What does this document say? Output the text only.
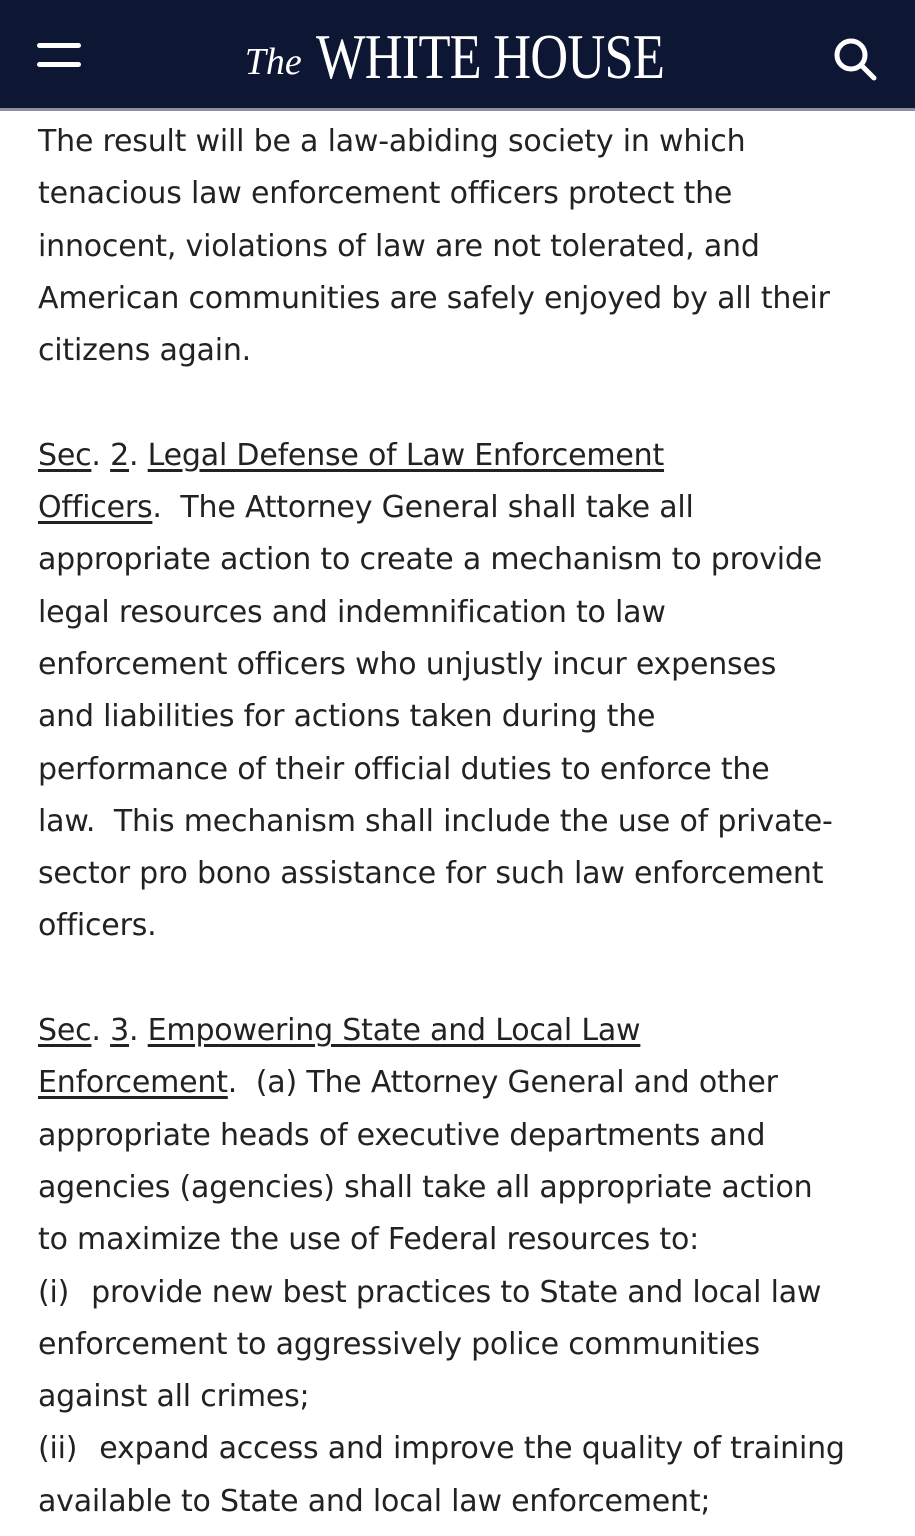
The WHITE HOUSE
The result will be a law-abiding society in which
tenacious law enforcement officers protect the
innocent, violations of law are not tolerated, and
American communities are safely enjoyed by all their
citizens again.
Sec. 2. Legal Defense of Law Enforcement
Officers.  The Attorney General shall take all
appropriate action to create a mechanism to provide
legal resources and indemnification to law
enforcement officers who unjustly incur expenses
and liabilities for actions taken during the
performance of their official duties to enforce the
law.  This mechanism shall include the use of private-
sector pro bono assistance for such law enforcement
officers.
Sec. 3. Empowering State and Local Law
Enforcement.  (a) The Attorney General and other
appropriate heads of executive departments and
agencies (agencies) shall take all appropriate action
to maximize the use of Federal resources to:
(i) provide new best practices to State and local law
enforcement to aggressively police communities
against all crimes;
(ii) expand access and improve the quality of training
available to State and local law enforcement;
